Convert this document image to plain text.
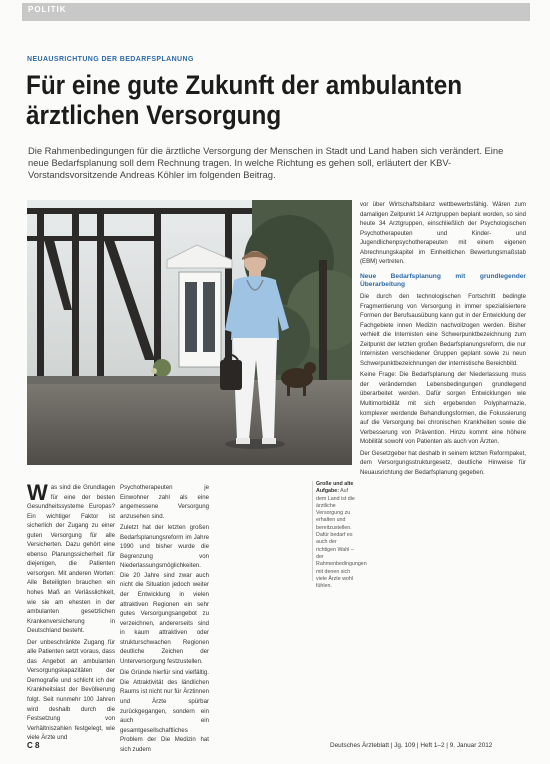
POLITIK
NEUAUSRICHTUNG DER BEDARFSPLANUNG
Für eine gute Zukunft der ambulanten ärztlichen Versorgung
Die Rahmenbedingungen für die ärztliche Versorgung der Menschen in Stadt und Land haben sich verändert. Eine neue Bedarfsplanung soll dem Rechnung tragen. In welche Richtung es gehen soll, erläutert der KBV-Vorstandsvorsitzende Andreas Köhler im folgenden Beitrag.

Was sind die Grundlagen für eine der besten Gesundheitssysteme Europas? Ein wichtiger Faktor ist sicherlich der Zugang zu einer guten Versorgung für alle Versicherten. Dazu gehört eine ebenso Planungssicherheit für diejenigen, die Patienten versorgen. Mit anderen Worten: Alle Beteiligten brauchen ein hohes Maß an Verlässlichkeit, wie sie am ehesten in der ambulanten gesetzlichen Krankenversicherung in Deutschland besteht.

Der unbeschränkte Zugang für alle Patienten setzt voraus, dass das Angebot an ambulanten Versorgungskapazitäten der Demografie und schlicht ich der Krankheitslast der Bevölkerung folgt. Seit nunmehr 100 Jahren wird deshalb durch die Festsetzung von Verhältniszahlen festgelegt, wie viele Ärzte und

Psychotherapeuten je Einwohner zahl als eine angemessene Versorgung anzusehen sind.

Zuletzt hat der letzten großen Bedarfsplanungsreform im Jahre 1990 und bisher wurde die Begrenzung von Niederlassungsmöglichkeiten. Die 20 Jahre sind zwar auch nicht die Situation jedoch weiter der Entwicklung in vielen attraktiven Regionen ein sehr gutes Versorgungsangebot zu verzeichnen, andererseits sind in kaum attraktiven oder strukturschwachen Regionen deutliche Zeichen der Unterversorgung festzustellen.

Die Gründe hierfür sind vielfältig. Die Attraktivität des ländlichen Raums ist nicht nur für Ärztinnen und Ärzte spürbar zurückgegangen, sondern ein auch ein gesamtgesellschaftliches Problem der Die Medizin hat sich zudem

Große und alte Aufgabe: Auf dem Land ist die ärztliche Versorgung zu erhalten und bereitzustellen. Dafür bedarf es auch der richtigen Wahl – der Rahmenbedingungen mit denen sich viele Ärzte wohl fühlen.

vor über Wirtschaftsbilanz wettbewerbsfähig. Wären zum damaligen Zeitpunkt 14 Arztgruppen beplant worden, so sind heute 34 Arztgruppen, einschließlich der Psychologischen Psychotherapeuten und Kinder- und Jugendlichenpsychotherapeuten mit einem eigenen Abrechnungskapitel im Einheitlichen Bewertungsmaßstab (EBM) vertreten.

Neue Bedarfsplanung mit grundlegender Überarbeitung

Die durch den technologischen Fortschritt bedingte Fragmentierung von Versorgung in immer spezialisiertere Formen der Berufsausübung kann gut in der Entwicklung der Fachgebiete innen Medizin nachvollzogen werden. Bisher verhielt die Internisten eine Schwerpunktbezeichnung zum Zeitpunkt der letzten großen Bedarfsplanungsreform, die nur Internisten verschiedener Gruppen geplant sowie zu neun Schwerpunktbezeichnungen der internistische Bereichbild.

Keine Frage: Die Bedarfsplanung der Niederlassung muss der verändernden Lebensbedingungen grundlegend überarbeitet werden. Dafür sorgen Entwicklungen wie Multimorbidität mit sich ergebenden Polypharmazie, komplexer werdende Behandlungsformen, die Fokussierung auf die Versorgung bei chronischen Krankheiten sowie die Verbesserung von Prävention. Hinzu kommt eine höhere Mobilität sowohl von Patienten als auch von Ärzten.

Der Gesetzgeber hat deshalb in seinem letzten Reformpaket, dem Versorgungsstrukturgesetz, deutliche Hinweise für Neuausrichtung der Bedarfsplanung gegeben.

C 8	Deutsches Ärzteblatt | Jg. 109 | Heft 1–2 | 9. Januar 2012
